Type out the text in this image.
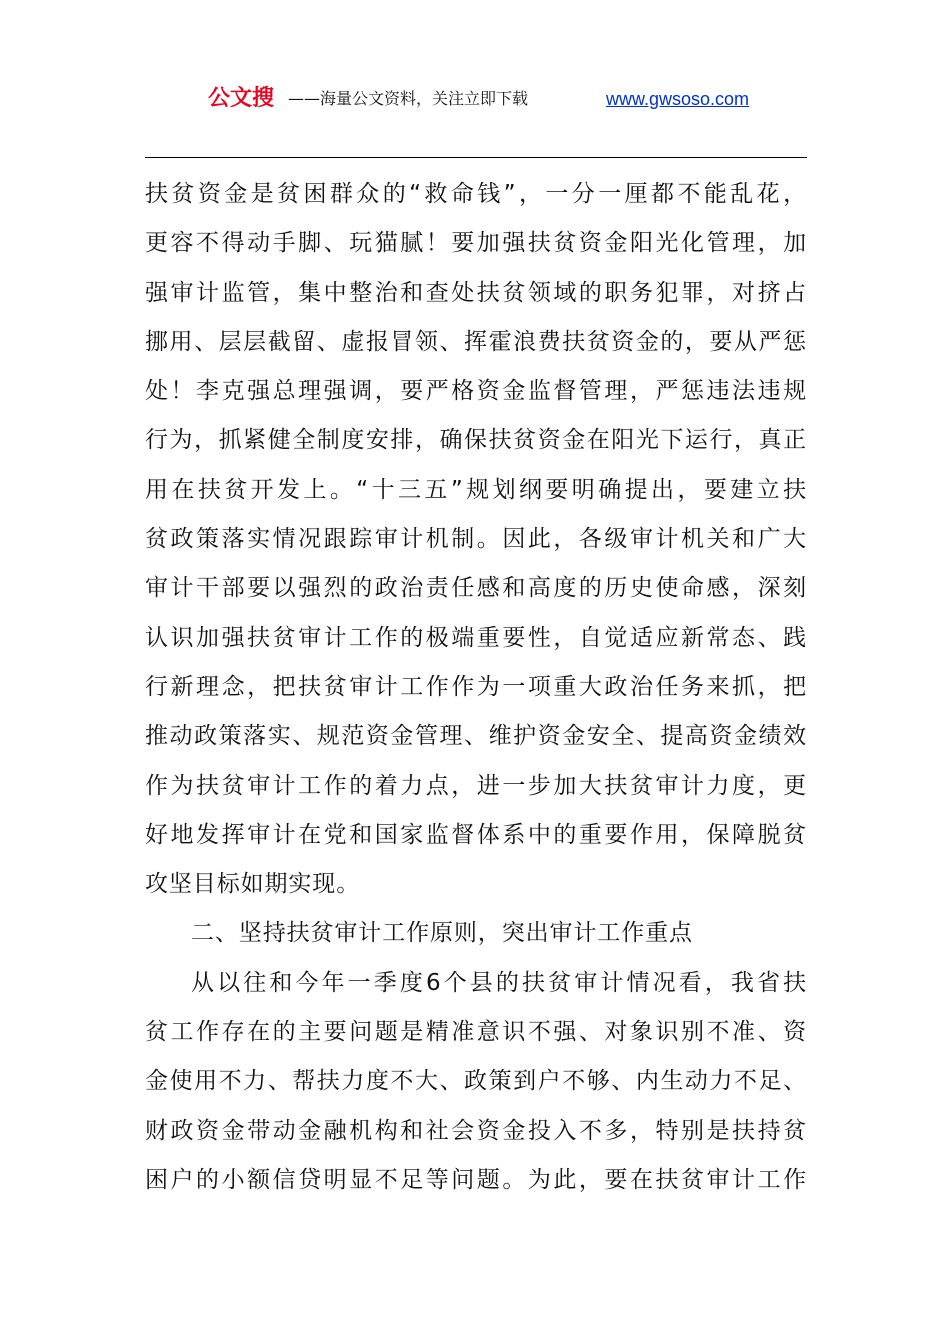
公文搜 ——海量公文资料，关注立即下载	www.gwsoso.com
扶贫资金是贫困群众的“救命钱”，一分一厘都不能乱花，
更容不得动手脚、玩猫腻！要加强扶贫资金阳光化管理，加
强审计监管，集中整治和查处扶贫领域的职务犯罪，对挤占
挪用、层层截留、虚报冒领、挥霍浪费扶贫资金的，要从严惩
处！李克强总理强调，要严格资金监督管理，严惩违法违规
行为，抓紧健全制度安排，确保扶贫资金在阳光下运行，真正
用在扶贫开发上。“十三五”规划纲要明确提出，要建立扶
贫政策落实情况跟踪审计机制。因此，各级审计机关和广大
审计干部要以强烈的政治责任感和高度的历史使命感，深刻
认识加强扶贫审计工作的极端重要性，自觉适应新常态、践
行新理念，把扶贫审计工作作为一项重大政治任务来抓，把
推动政策落实、规范资金管理、维护资金安全、提高资金绩效
作为扶贫审计工作的着力点，进一步加大扶贫审计力度，更
好地发挥审计在党和国家监督体系中的重要作用，保障脱贫
攻坚目标如期实现。
二、坚持扶贫审计工作原则，突出审计工作重点
从以往和今年一季度6个县的扶贫审计情况看，我省扶
贫工作存在的主要问题是精准意识不强、对象识别不准、资
金使用不力、帮扶力度不大、政策到户不够、内生动力不足、
财政资金带动金融机构和社会资金投入不多，特别是扶持贫
困户的小额信贷明显不足等问题。为此，要在扶贫审计工作
